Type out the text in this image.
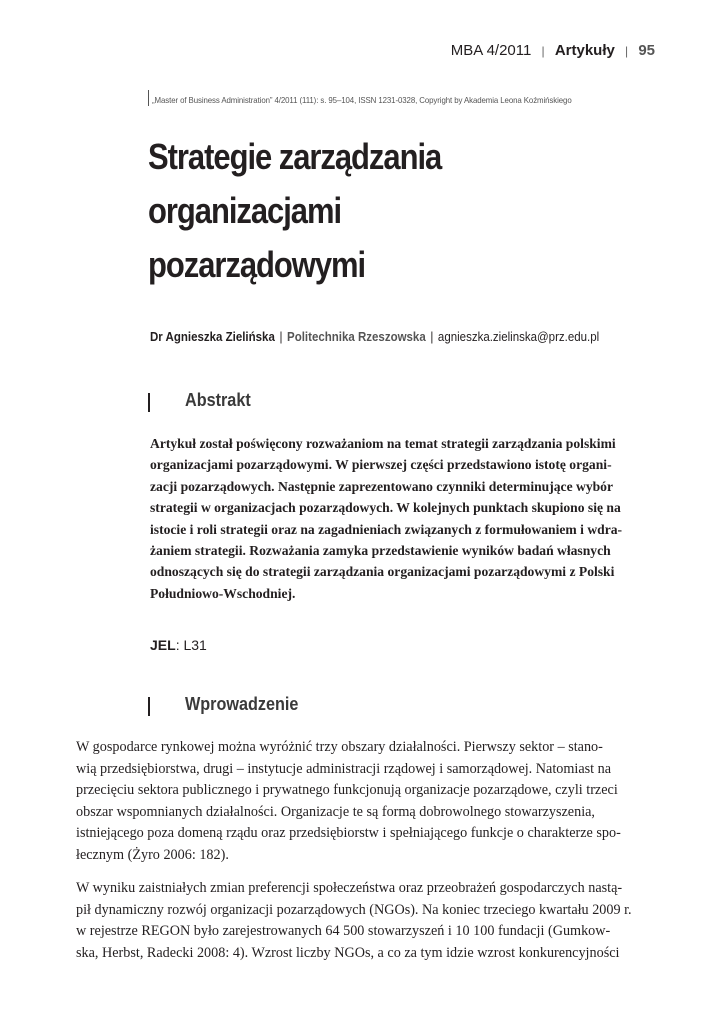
MBA 4/2011 | Artykuły | 95
„Master of Business Administration” 4/2011 (111): s. 95–104, ISSN 1231-0328, Copyright by Akademia Leona Koźmińskiego
Strategie zarządzania
organizacjami
pozarządowymi
Dr Agnieszka Zielińska | Politechnika Rzeszowska | agnieszka.zielinska@prz.edu.pl
Abstrakt
Artykuł został poświęcony rozważaniom na temat strategii zarządzania polskimi
organizacjami pozarządowymi. W pierwszej części przedstawiono istotę organi-
zacji pozarządowych. Następnie zaprezentowano czynniki determinujące wybór
strategii w organizacjach pozarządowych. W kolejnych punktach skupiono się na
istocie i roli strategii oraz na zagadnieniach związanych z formułowaniem i wdra-
żaniem strategii. Rozważania zamyka przedstawienie wyników badań własnych
odnoszących się do strategii zarządzania organizacjami pozarządowymi z Polski
Południowo-Wschodniej.
JEL: L31
Wprowadzenie
W gospodarce rynkowej można wyróżnić trzy obszary działalności. Pierwszy sektor – stano-
wią przedsiębiorstwa, drugi – instytucje administracji rządowej i samorządowej. Natomiast na
przecięciu sektora publicznego i prywatnego funkcjonują organizacje pozarządowe, czyli trzeci
obszar wspomnianych działalności. Organizacje te są formą dobrowolnego stowarzyszenia,
istniejącego poza domeną rządu oraz przedsiębiorstw i spełniającego funkcje o charakterze spo-
łecznym (Żyro 2006: 182).
W wyniku zaistniałych zmian preferencji społeczeństwa oraz przeobrażeń gospodarczych nastą-
pił dynamiczny rozwój organizacji pozarządowych (NGOs). Na koniec trzeciego kwartału 2009 r.
w rejestrze REGON było zarejestrowanych 64 500 stowarzyszeń i 10 100 fundacji (Gumkow-
ska, Herbst, Radecki 2008: 4). Wzrost liczby NGOs, a co za tym idzie wzrost konkurencyjności
